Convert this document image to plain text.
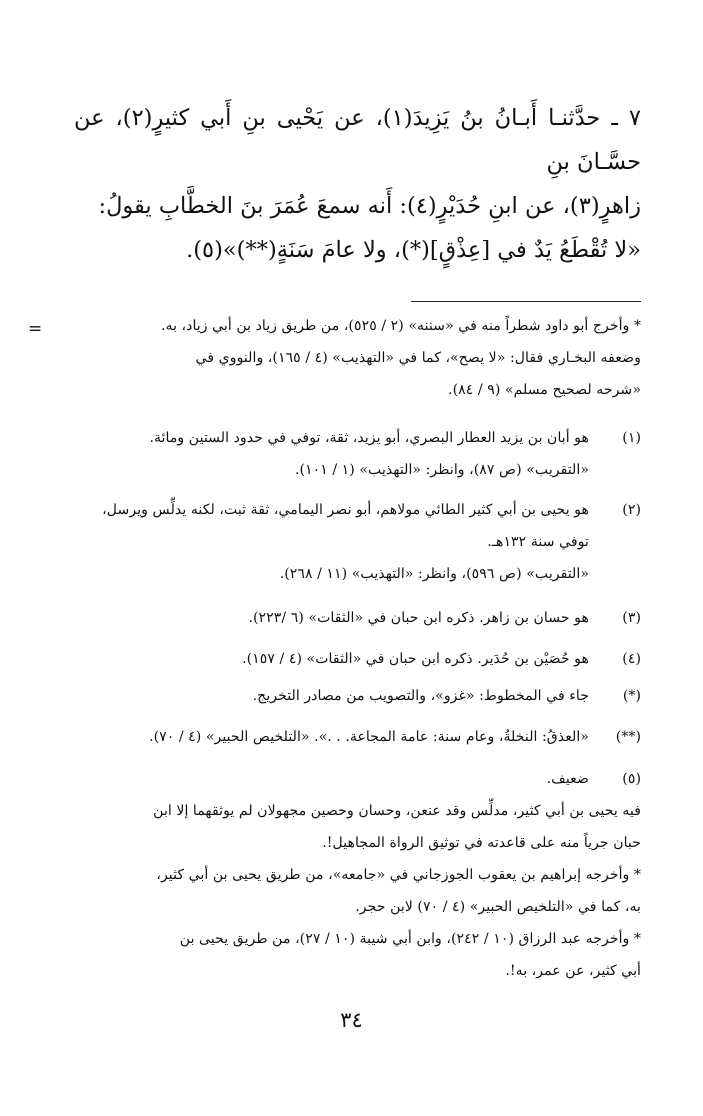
٧ ـ حدَّثنـا أَبـانُ بنُ يَزِيدَ(١)، عن يَحْيى بنِ أَبي كثيرٍ(٢)، عن حسَّـانَ بنِ

زاهرٍ(٣)، عن ابنِ حُدَيْرٍ(٤): أَنه سمعَ عُمَرَ بنَ الخطَّابِ يقولُ:

«لا تُقْطَعُ يَدٌ في [عِذْقٍ](*)، ولا عامَ سَنَةٍ(**)»(٥).

=	* وأخرج أبو داود شطراً منه في «سننه» (٢ / ٥٢٥)، من طريق زياد بن أبي زياد، به.

وضعفه البخـاري فقال: «لا يصح»، كما في «التهذيب» (٤ / ١٦٥)، والنووي في

«شرحه لصحيح مسلم» (٩ / ٨٤).

(١)

هو أبان بن يزيد العطار البصري، أبو يزيد، ثقة، توفي في حدود الستين ومائة.

«التقريب» (ص ٨٧)، وانظر: «التهذيب» (١ / ١٠١).

(٢)

هو يحيى بن أبي كثير الطائي مولاهم، أبو نصر اليمامي، ثقة ثبت، لكنه يدلِّس ويرسل،

توفي سنة ١٣٢هـ.

«التقريب» (ص ٥٩٦)، وانظر: «التهذيب» (١١ / ٢٦٨).

(٣)

هو حسان بن زاهر. ذكره ابن حبان في «الثقات» (٦ /٢٢٣).

(٤)

هو حُصَيْن بن حُدَير. ذكره ابن حبان في «الثقات» (٤ / ١٥٧).

(*)

جاء في المخطوط: «غزو»، والتصويب من مصادر التخريج.

(**)

«العذقُ: النخلةُ، وعام سنة: عامة المجاعة. . .». «التلخيص الحبير» (٤ / ٧٠).

(٥)

ضعيف.

فيه يحيى بن أبي كثير، مدلِّس وقد عنعن، وحسان وحصين مجهولان لم يوثقهما إلا ابن

حبان جرياً منه على قاعدته في توثيق الرواة المجاهيل!.

* وأخرجه إبراهيم بن يعقوب الجوزجاني في «جامعه»، من طريق يحيى بن أبي كثير،

به، كما في «التلخيص الحبير» (٤ / ٧٠) لابن حجر.

* وأخرجه عبد الرزاق (١٠ / ٢٤٢)، وابن أبي شيبة (١٠ / ٢٧)، من طريق يحيى بن

أبي كثير، عن عمر، به!.

٣٤
